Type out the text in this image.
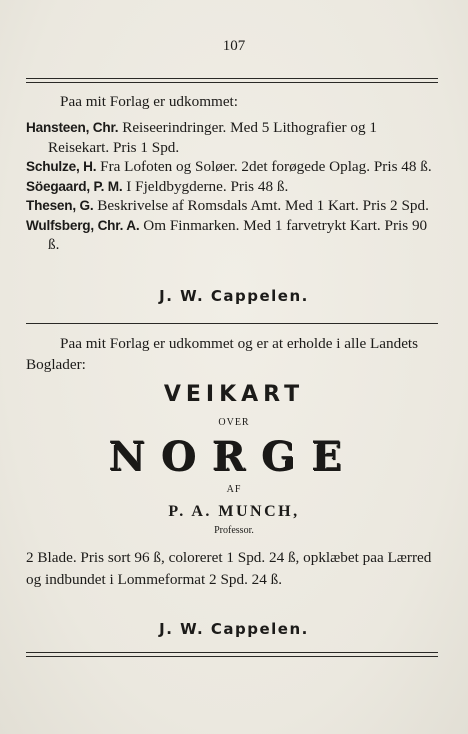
107
Paa mit Forlag er udkommet:
Hansteen, Chr. Reiseerindringer. Med 5 Lithografier og 1 Reisekart. Pris 1 Spd.
Schulze, H. Fra Lofoten og Soløer. 2det forøgede Oplag. Pris 48 ß.
Söegaard, P. M. I Fjeldbygderne. Pris 48 ß.
Thesen, G. Beskrivelse af Romsdals Amt. Med 1 Kart. Pris 2 Spd.
Wulfsberg, Chr. A. Om Finmarken. Med 1 farvetrykt Kart. Pris 90 ß.
J. W. Cappelen.
Paa mit Forlag er udkommet og er at erholde i alle Landets Boglader:
VEIKART
OVER
NORGE
AF
P. A. MUNCH,
Professor.
2 Blade. Pris sort 96 ß, coloreret 1 Spd. 24 ß, opklæbet paa Lærred og indbundet i Lommeformat 2 Spd. 24 ß.
J. W. Cappelen.
